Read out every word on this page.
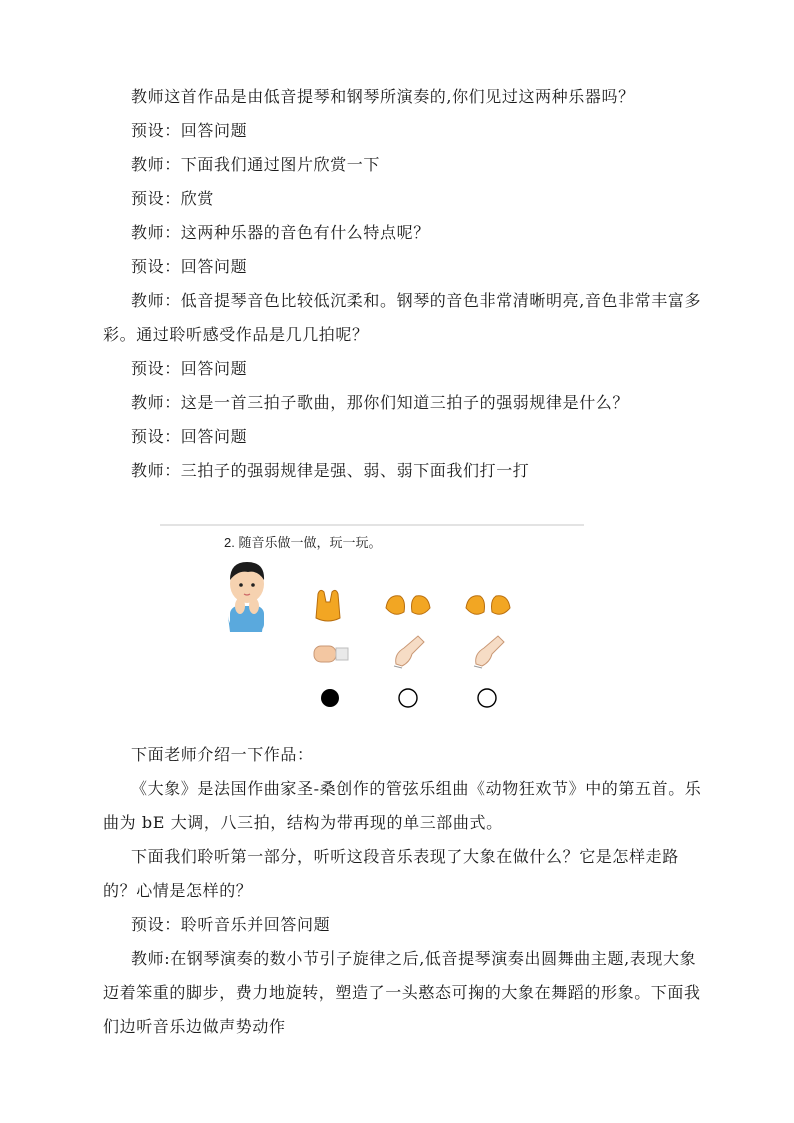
教师这首作品是由低音提琴和钢琴所演奏的,你们见过这两种乐器吗？
预设：回答问题
教师：下面我们通过图片欣赏一下
预设：欣赏
教师：这两种乐器的音色有什么特点呢？
预设：回答问题
教师：低音提琴音色比较低沉柔和。钢琴的音色非常清晰明亮,音色非常丰富多彩。通过聆听感受作品是几几拍呢？
预设：回答问题
教师：这是一首三拍子歌曲，那你们知道三拍子的强弱规律是什么？
预设：回答问题
教师：三拍子的强弱规律是强、弱、弱下面我们打一打
2. 随音乐做一做，玩一玩。
下面老师介绍一下作品：
《大象》是法国作曲家圣-桑创作的管弦乐组曲《动物狂欢节》中的第五首。乐曲为 bE 大调，八三拍，结构为带再现的单三部曲式。
下面我们聆听第一部分，听听这段音乐表现了大象在做什么？它是怎样走路的？心情是怎样的？
预设：聆听音乐并回答问题
教师:在钢琴演奏的数小节引子旋律之后,低音提琴演奏出圆舞曲主题,表现大象迈着笨重的脚步，费力地旋转，塑造了一头憨态可掬的大象在舞蹈的形象。下面我们边听音乐边做声势动作
